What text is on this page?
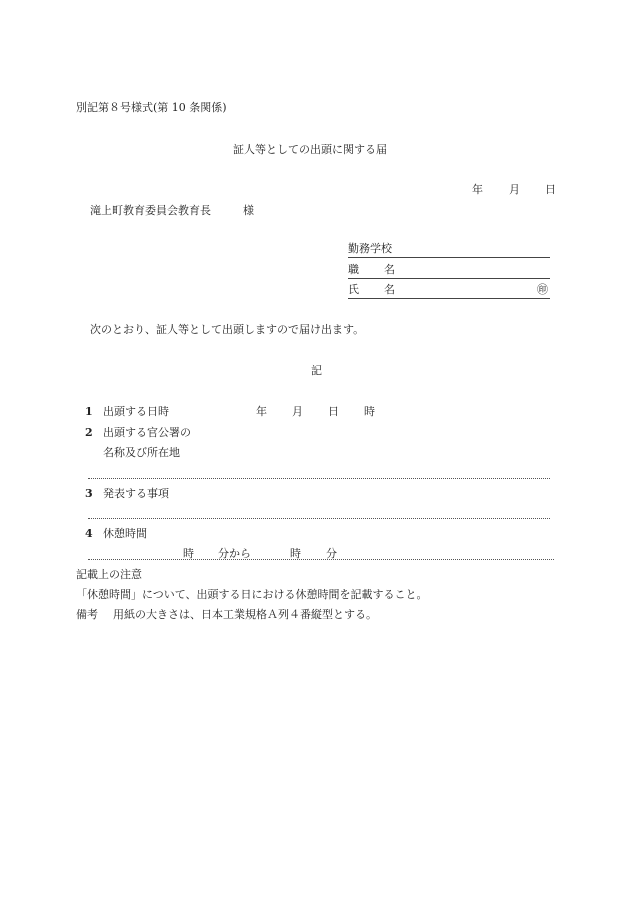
別記第８号様式(第 10 条関係)
証人等としての出頭に関する届
年 月 日
滝上町教育委員会教育長	様
勤務学校
職 名
氏 名	㊞
次のとおり、証人等として出頭しますので届け出ます。
記
1 出頭する日時	年 月 日 時
2 出頭する官公署の
名称及び所在地
3 発表する事項
4 休憩時間
時 分から	時 分
記載上の注意
「休憩時間」について、出頭する日における休憩時間を記載すること。
備考 用紙の大きさは、日本工業規格Ａ列４番縦型とする。
